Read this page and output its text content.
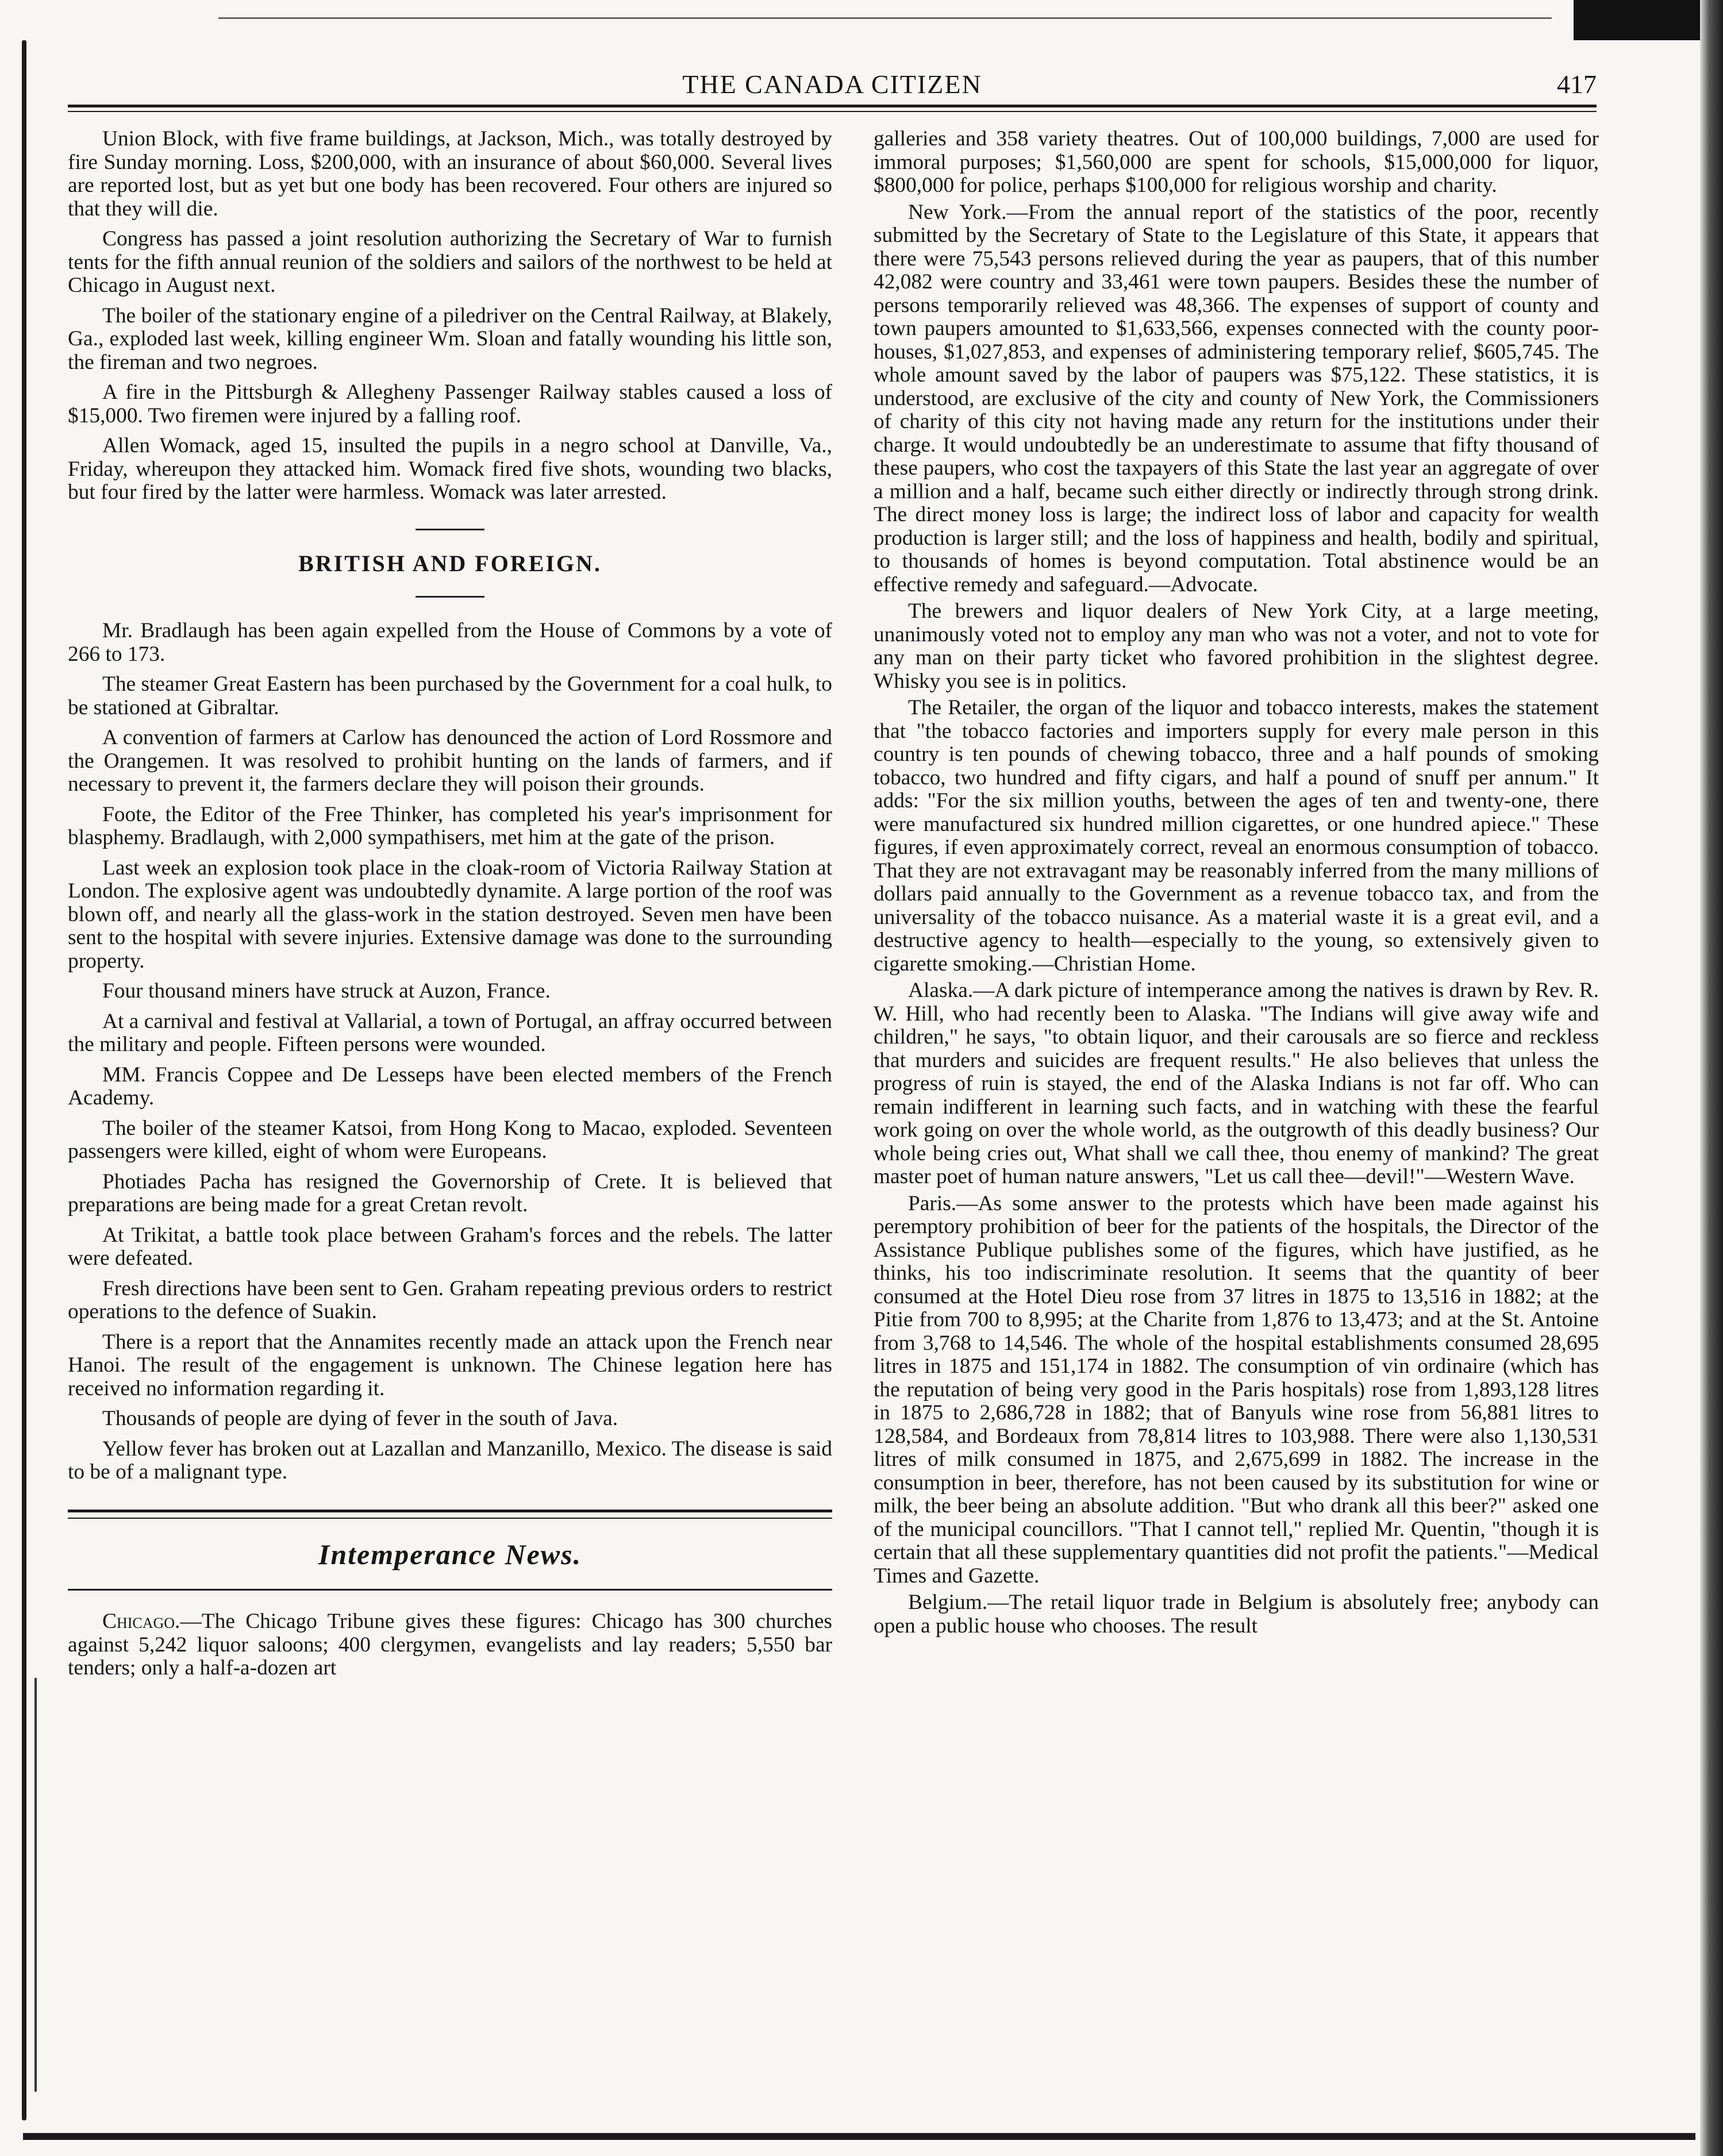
THE CANADA CITIZEN	417

Union Block, with five frame buildings, at Jackson, Mich., was totally destroyed by fire Sunday morning. Loss, $200,000, with an insurance of about $60,000. Several lives are reported lost, but as yet but one body has been recovered. Four others are injured so that they will die.

Congress has passed a joint resolution authorizing the Secretary of War to furnish tents for the fifth annual reunion of the soldiers and sailors of the northwest to be held at Chicago in August next.

The boiler of the stationary engine of a piledriver on the Central Railway, at Blakely, Ga., exploded last week, killing engineer Wm. Sloan and fatally wounding his little son, the fireman and two negroes.

A fire in the Pittsburgh & Allegheny Passenger Railway stables caused a loss of $15,000. Two firemen were injured by a falling roof.

Allen Womack, aged 15, insulted the pupils in a negro school at Danville, Va., Friday, whereupon they attacked him. Womack fired five shots, wounding two blacks, but four fired by the latter were harmless. Womack was later arrested.

BRITISH AND FOREIGN.

Mr. Bradlaugh has been again expelled from the House of Commons by a vote of 266 to 173.

The steamer Great Eastern has been purchased by the Government for a coal hulk, to be stationed at Gibraltar.

A convention of farmers at Carlow has denounced the action of Lord Rossmore and the Orangemen. It was resolved to prohibit hunting on the lands of farmers, and if necessary to prevent it, the farmers declare they will poison their grounds.

Foote, the Editor of the Free Thinker, has completed his year's imprisonment for blasphemy. Bradlaugh, with 2,000 sympathisers, met him at the gate of the prison.

Last week an explosion took place in the cloak-room of Victoria Railway Station at London. The explosive agent was undoubtedly dynamite. A large portion of the roof was blown off, and nearly all the glass-work in the station destroyed. Seven men have been sent to the hospital with severe injuries. Extensive damage was done to the surrounding property.

Four thousand miners have struck at Auzon, France.

At a carnival and festival at Vallarial, a town of Portugal, an affray occurred between the military and people. Fifteen persons were wounded.

MM. Francis Coppee and De Lesseps have been elected members of the French Academy.

The boiler of the steamer Katsoi, from Hong Kong to Macao, exploded. Seventeen passengers were killed, eight of whom were Europeans.

Photiades Pacha has resigned the Governorship of Crete. It is believed that preparations are being made for a great Cretan revolt.

At Trikitat, a battle took place between Graham's forces and the rebels. The latter were defeated.

Fresh directions have been sent to Gen. Graham repeating previous orders to restrict operations to the defence of Suakin.

There is a report that the Annamites recently made an attack upon the French near Hanoi. The result of the engagement is unknown. The Chinese legation here has received no information regarding it.

Thousands of people are dying of fever in the south of Java.

Yellow fever has broken out at Lazallan and Manzanillo, Mexico. The disease is said to be of a malignant type.

Intemperance News.

Chicago.—The Chicago Tribune gives these figures: Chicago has 300 churches against 5,242 liquor saloons; 400 clergymen, evangelists and lay readers; 5,550 bar tenders; only a half-a-dozen art

galleries and 358 variety theatres. Out of 100,000 buildings, 7,000 are used for immoral purposes; $1,560,000 are spent for schools, $15,000,000 for liquor, $800,000 for police, perhaps $100,000 for religious worship and charity.

New York.—From the annual report of the statistics of the poor, recently submitted by the Secretary of State to the Legislature of this State, it appears that there were 75,543 persons relieved during the year as paupers, that of this number 42,082 were country and 33,461 were town paupers. Besides these the number of persons temporarily relieved was 48,366. The expenses of support of county and town paupers amounted to $1,633,566, expenses connected with the county poor-houses, $1,027,853, and expenses of administering temporary relief, $605,745. The whole amount saved by the labor of paupers was $75,122. These statistics, it is understood, are exclusive of the city and county of New York, the Commissioners of charity of this city not having made any return for the institutions under their charge. It would undoubtedly be an underestimate to assume that fifty thousand of these paupers, who cost the taxpayers of this State the last year an aggregate of over a million and a half, became such either directly or indirectly through strong drink. The direct money loss is large; the indirect loss of labor and capacity for wealth production is larger still; and the loss of happiness and health, bodily and spiritual, to thousands of homes is beyond computation. Total abstinence would be an effective remedy and safeguard.—Advocate.

The brewers and liquor dealers of New York City, at a large meeting, unanimously voted not to employ any man who was not a voter, and not to vote for any man on their party ticket who favored prohibition in the slightest degree. Whisky you see is in politics.

The Retailer, the organ of the liquor and tobacco interests, makes the statement that "the tobacco factories and importers supply for every male person in this country is ten pounds of chewing tobacco, three and a half pounds of smoking tobacco, two hundred and fifty cigars, and half a pound of snuff per annum." It adds: "For the six million youths, between the ages of ten and twenty-one, there were manufactured six hundred million cigarettes, or one hundred apiece." These figures, if even approximately correct, reveal an enormous consumption of tobacco. That they are not extravagant may be reasonably inferred from the many millions of dollars paid annually to the Government as a revenue tobacco tax, and from the universality of the tobacco nuisance. As a material waste it is a great evil, and a destructive agency to health—especially to the young, so extensively given to cigarette smoking.—Christian Home.

Alaska.—A dark picture of intemperance among the natives is drawn by Rev. R. W. Hill, who had recently been to Alaska. "The Indians will give away wife and children," he says, "to obtain liquor, and their carousals are so fierce and reckless that murders and suicides are frequent results." He also believes that unless the progress of ruin is stayed, the end of the Alaska Indians is not far off. Who can remain indifferent in learning such facts, and in watching with these the fearful work going on over the whole world, as the outgrowth of this deadly business? Our whole being cries out, What shall we call thee, thou enemy of mankind? The great master poet of human nature answers, "Let us call thee—devil!"—Western Wave.

Paris.—As some answer to the protests which have been made against his peremptory prohibition of beer for the patients of the hospitals, the Director of the Assistance Publique publishes some of the figures, which have justified, as he thinks, his too indiscriminate resolution. It seems that the quantity of beer consumed at the Hotel Dieu rose from 37 litres in 1875 to 13,516 in 1882; at the Pitie from 700 to 8,995; at the Charite from 1,876 to 13,473; and at the St. Antoine from 3,768 to 14,546. The whole of the hospital establishments consumed 28,695 litres in 1875 and 151,174 in 1882. The consumption of vin ordinaire (which has the reputation of being very good in the Paris hospitals) rose from 1,893,128 litres in 1875 to 2,686,728 in 1882; that of Banyuls wine rose from 56,881 litres to 128,584, and Bordeaux from 78,814 litres to 103,988. There were also 1,130,531 litres of milk consumed in 1875, and 2,675,699 in 1882. The increase in the consumption in beer, therefore, has not been caused by its substitution for wine or milk, the beer being an absolute addition. "But who drank all this beer?" asked one of the municipal councillors. "That I cannot tell," replied Mr. Quentin, "though it is certain that all these supplementary quantities did not profit the patients."—Medical Times and Gazette.

Belgium.—The retail liquor trade in Belgium is absolutely free; anybody can open a public house who chooses. The result
